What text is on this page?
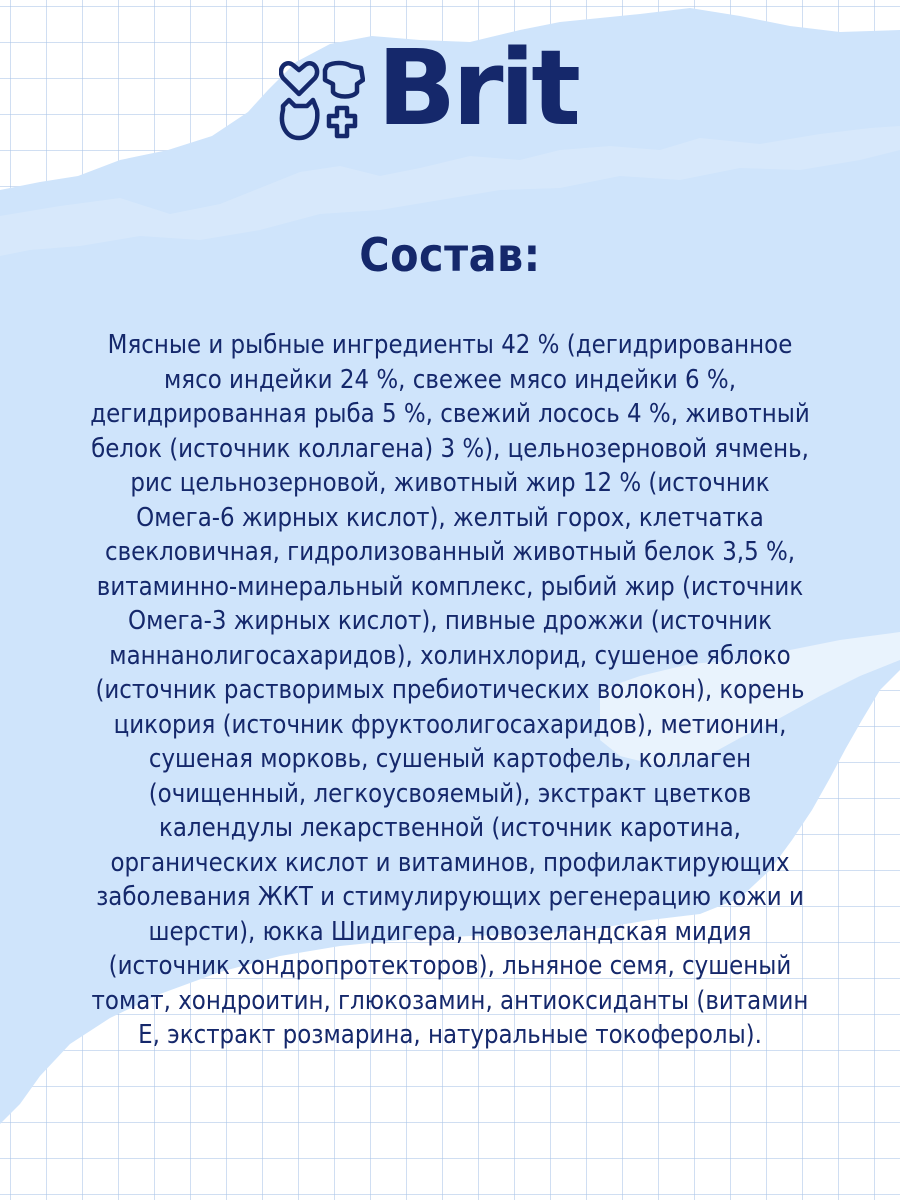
Brit
Состав:
Мясные и рыбные ингредиенты 42 % (дегидрированное
мясо индейки 24 %, свежее мясо индейки 6 %,
дегидрированная рыба 5 %, свежий лосось 4 %, животный
белок (источник коллагена) 3 %), цельнозерновой ячмень,
рис цельнозерновой, животный жир 12 % (источник
Омега-6 жирных кислот), желтый горох, клетчатка
свекловичная, гидролизованный животный белок 3,5 %,
витаминно-минеральный комплекс, рыбий жир (источник
Омега-3 жирных кислот), пивные дрожжи (источник
маннанолигосахаридов), холинхлорид, сушеное яблоко
(источник растворимых пребиотических волокон), корень
цикория (источник фруктоолигосахаридов), метионин,
сушеная морковь, сушеный картофель, коллаген
(очищенный, легкоусвояемый), экстракт цветков
календулы лекарственной (источник каротина,
органических кислот и витаминов, профилактирующих
заболевания ЖКТ и стимулирующих регенерацию кожи и
шерсти), юкка Шидигера, новозеландская мидия
(источник хондропротекторов), льняное семя, сушеный
томат, хондроитин, глюкозамин, антиоксиданты (витамин
Е, экстракт розмарина, натуральные токоферолы).
